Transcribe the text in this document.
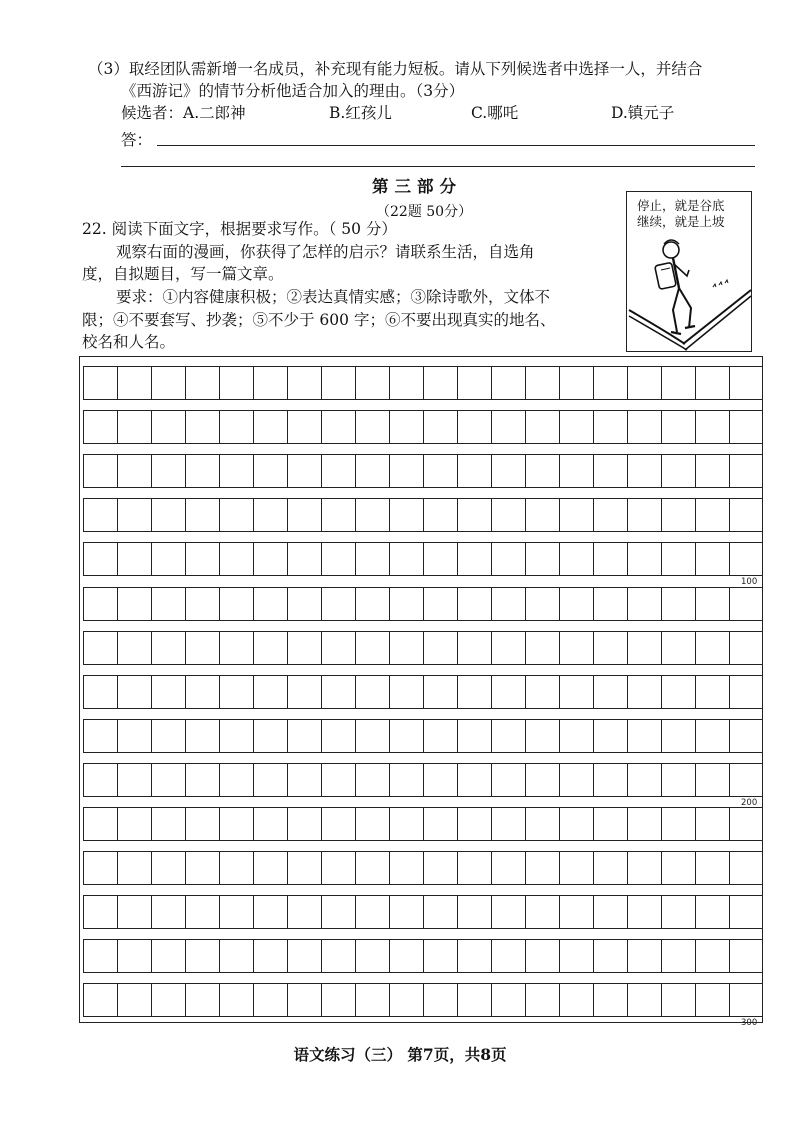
（3）取经团队需新增一名成员，补充现有能力短板。请从下列候选者中选择一人，并结合
《西游记》的情节分析他适合加入的理由。（3分）
候选者： A.二郎神	B.红孩儿	C.哪吒	D.镇元子
答：
第三部分
（22题 50分）
22. 阅读下面文字，根据要求写作。（ 50 分）
观察右面的漫画，你获得了怎样的启示？请联系生活，自选角
度，自拟题目，写一篇文章。
要求：①内容健康积极；②表达真情实感；③除诗歌外，文体不
限；④不要套写、抄袭；⑤不少于 600 字；⑥不要出现真实的地名、
校名和人名。
停止，就是谷底
继续，就是上坡
100
200
300
语文练习（三） 第7页，共8页
